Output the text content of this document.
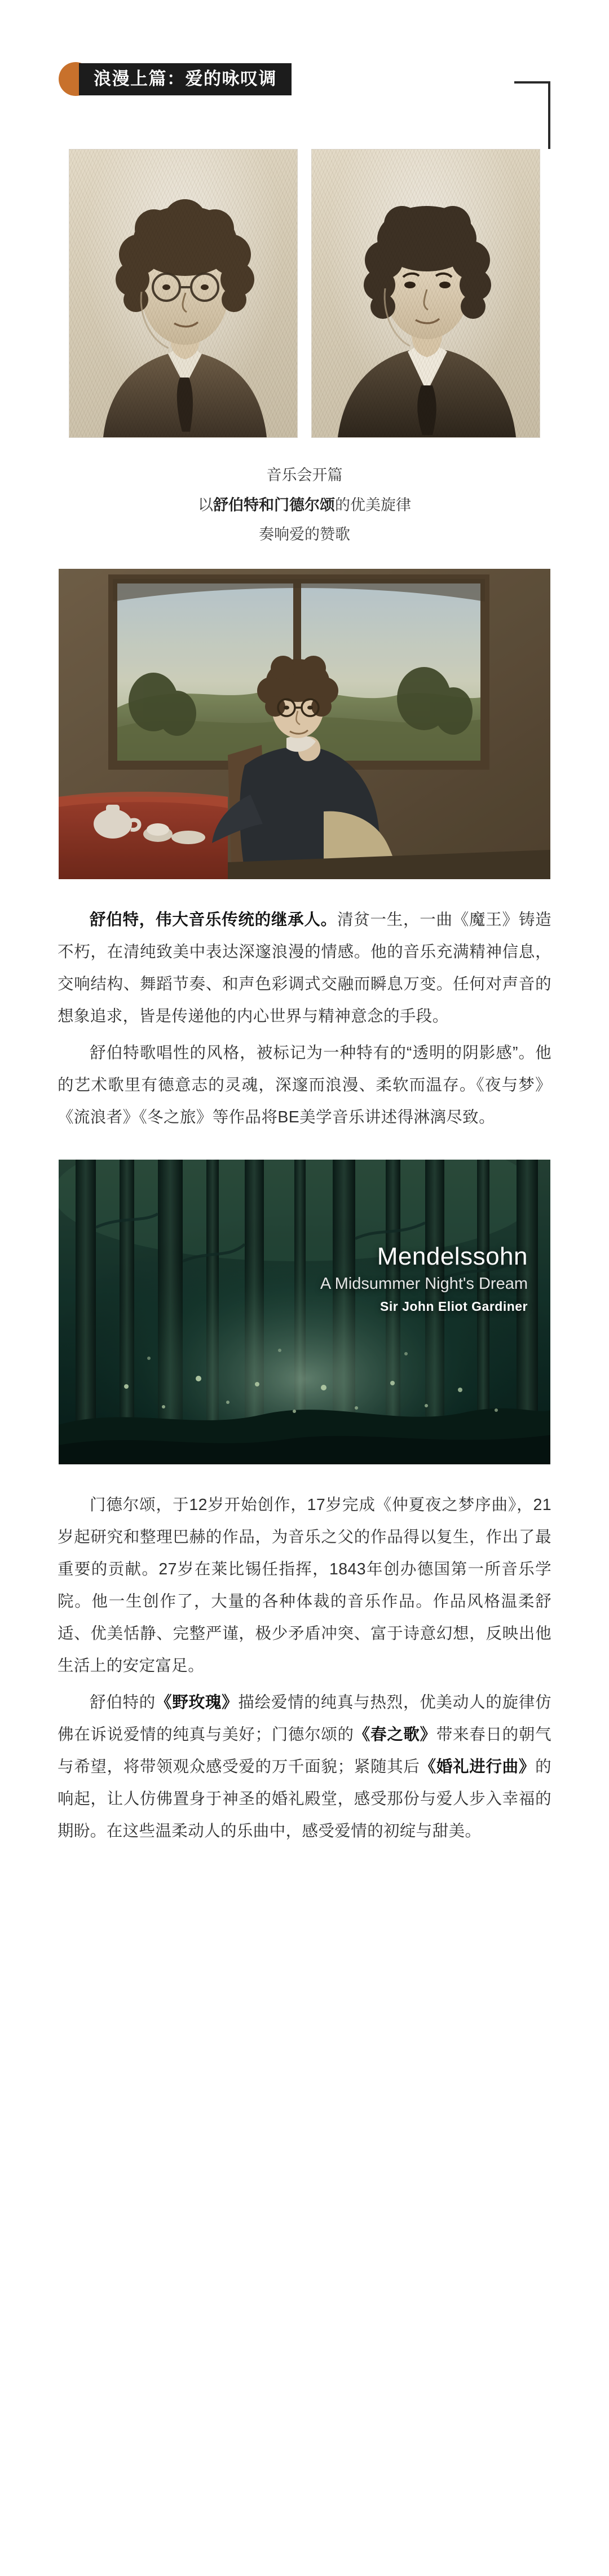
浪漫上篇：爱的咏叹调
音乐会开篇
以舒伯特和门德尔颂的优美旋律
奏响爱的赞歌

舒伯特，伟大音乐传统的继承人。清贫一生，一曲《魔王》铸造不朽，在清纯致美中表达深邃浪漫的情感。他的音乐充满精神信息，交响结构、舞蹈节奏、和声色彩调式交融而瞬息万变。任何对声音的想象追求，皆是传递他的内心世界与精神意念的手段。

舒伯特歌唱性的风格，被标记为一种特有的“透明的阴影感”。他的艺术歌里有德意志的灵魂，深邃而浪漫、柔软而温存。《夜与梦》《流浪者》《冬之旅》等作品将BE美学音乐讲述得淋漓尽致。

Mendelssohn
A Midsummer Night's Dream
Sir John Eliot Gardiner

门德尔颂，于12岁开始创作，17岁完成《仲夏夜之梦序曲》，21岁起研究和整理巴赫的作品，为音乐之父的作品得以复生，作出了最重要的贡献。27岁在莱比锡任指挥，1843年创办德国第一所音乐学院。他一生创作了，大量的各种体裁的音乐作品。作品风格温柔舒适、优美恬静、完整严谨，极少矛盾冲突、富于诗意幻想，反映出他生活上的安定富足。

舒伯特的《野玫瑰》描绘爱情的纯真与热烈，优美动人的旋律仿佛在诉说爱情的纯真与美好；门德尔颂的《春之歌》带来春日的朝气与希望，将带领观众感受爱的万千面貌；紧随其后《婚礼进行曲》的响起，让人仿佛置身于神圣的婚礼殿堂，感受那份与爱人步入幸福的期盼。在这些温柔动人的乐曲中，感受爱情的初绽与甜美。
